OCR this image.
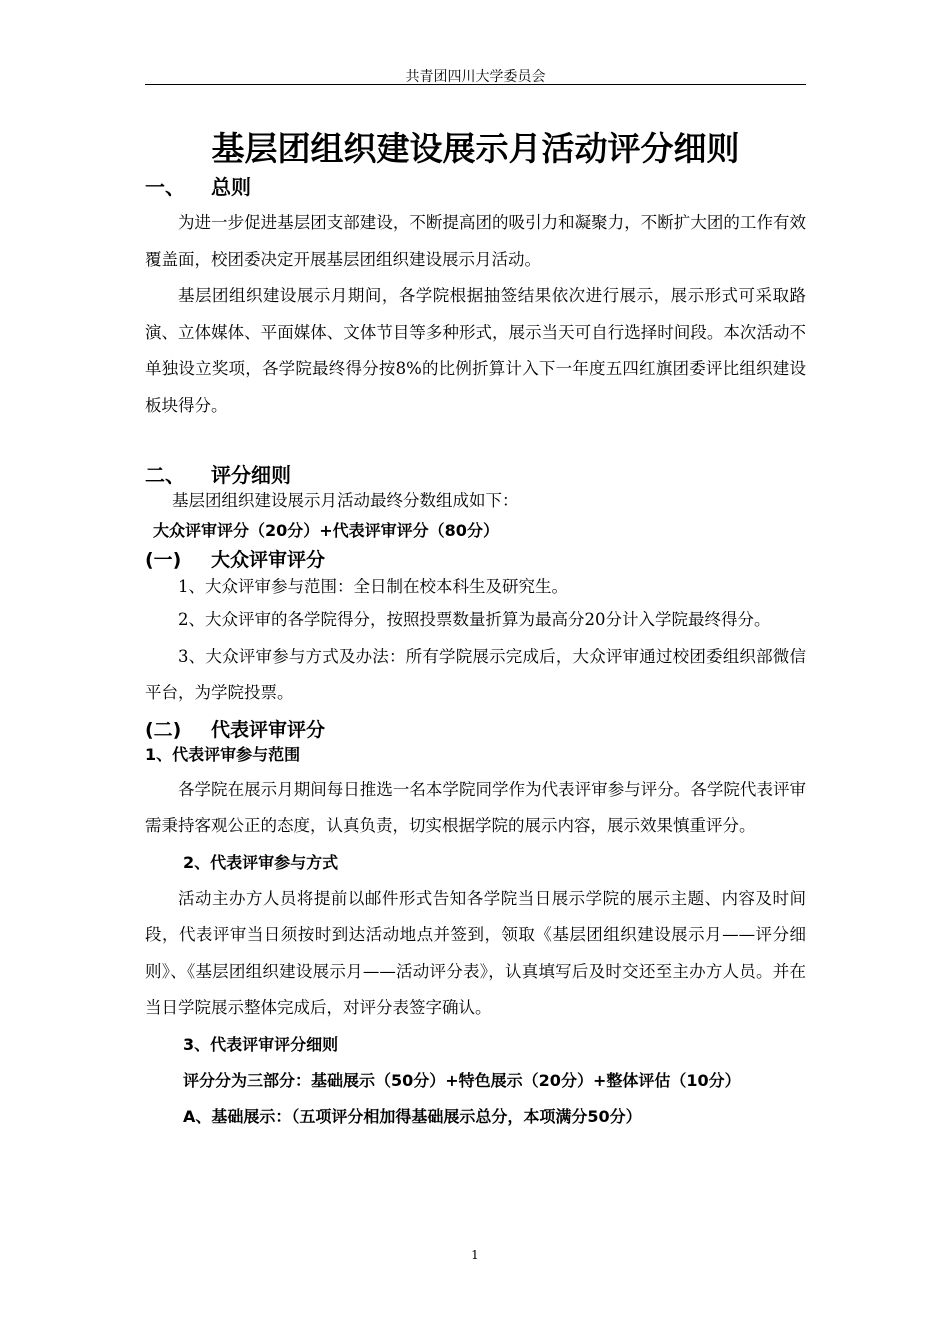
共青团四川大学委员会
基层团组织建设展示月活动评分细则
一、	总则

为进一步促进基层团支部建设，不断提高团的吸引力和凝聚力，不断扩大团的工作有效覆盖面，校团委决定开展基层团组织建设展示月活动。

基层团组织建设展示月期间，各学院根据抽签结果依次进行展示，展示形式可采取路演、立体媒体、平面媒体、文体节目等多种形式，展示当天可自行选择时间段。本次活动不单独设立奖项，各学院最终得分按8%的比例折算计入下一年度五四红旗团委评比组织建设板块得分。

二、	评分细则
基层团组织建设展示月活动最终分数组成如下：
大众评审评分（20分）+代表评审评分（80分）
(一)	大众评审评分

1、大众评审参与范围：全日制在校本科生及研究生。

2、大众评审的各学院得分，按照投票数量折算为最高分20分计入学院最终得分。

3、大众评审参与方式及办法：所有学院展示完成后，大众评审通过校团委组织部微信平台，为学院投票。

(二)	代表评审评分
1、代表评审参与范围

各学院在展示月期间每日推选一名本学院同学作为代表评审参与评分。各学院代表评审需秉持客观公正的态度，认真负责，切实根据学院的展示内容，展示效果慎重评分。

2、代表评审参与方式

活动主办方人员将提前以邮件形式告知各学院当日展示学院的展示主题、内容及时间段，代表评审当日须按时到达活动地点并签到，领取《基层团组织建设展示月——评分细则》、《基层团组织建设展示月——活动评分表》，认真填写后及时交还至主办方人员。并在当日学院展示整体完成后，对评分表签字确认。

3、代表评审评分细则
评分分为三部分：基础展示（50分）+特色展示（20分）+整体评估（10分）
A、基础展示：（五项评分相加得基础展示总分，本项满分50分）
1
